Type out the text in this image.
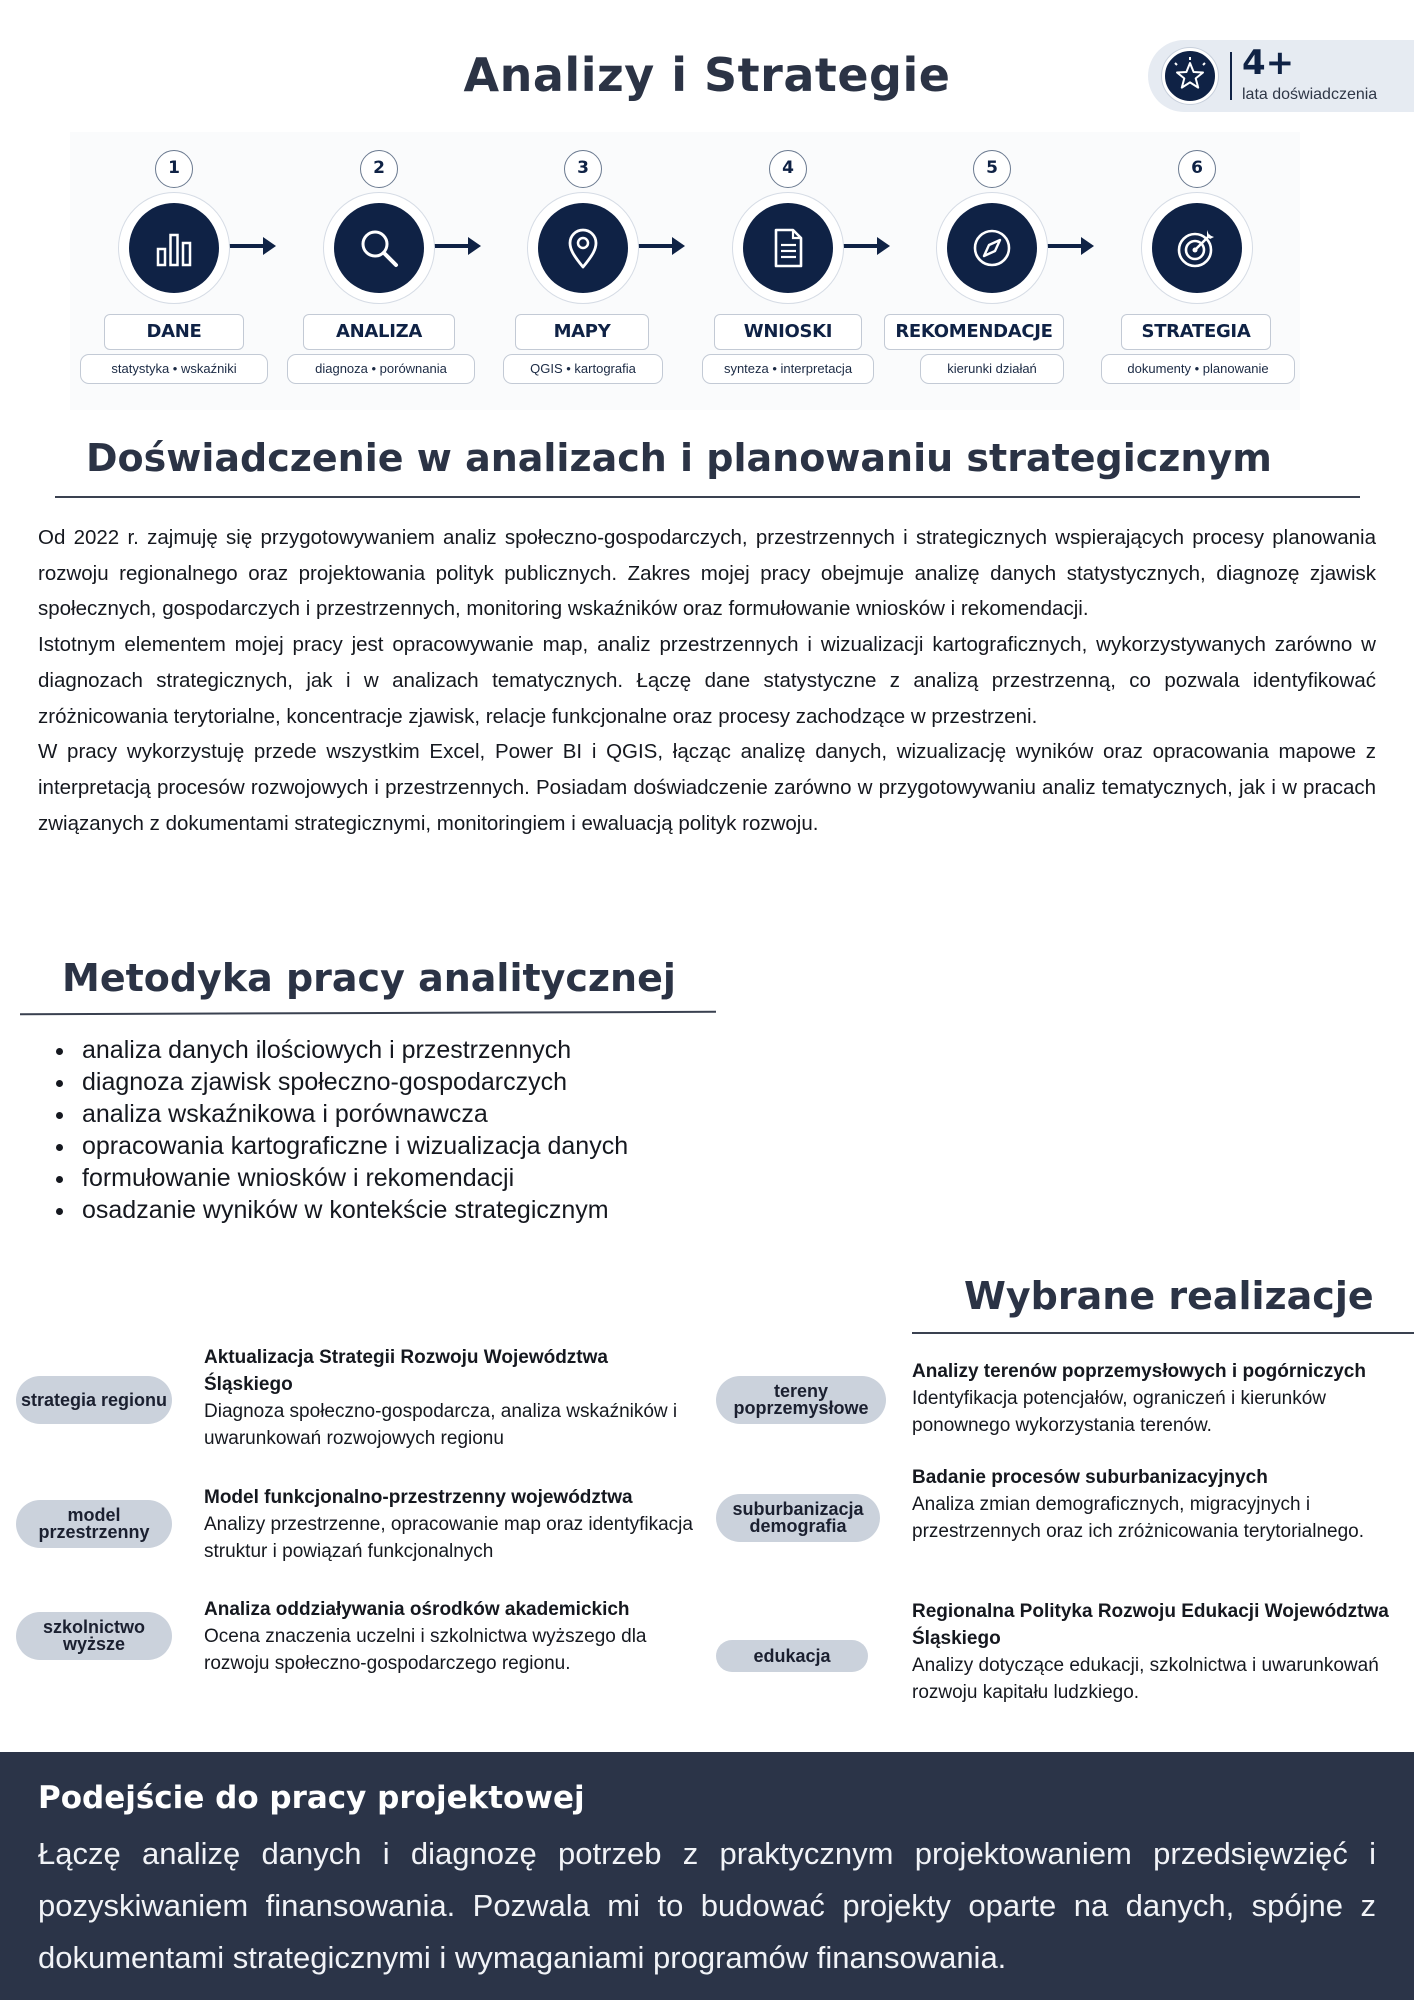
Analizy i Strategie	4+
lata doświadczenia
1
DANE
statystyka • wskaźniki
2
ANALIZA
diagnoza • porównania
3
MAPY
QGIS • kartografia
4
WNIOSKI
synteza • interpretacja
5
REKOMENDACJE
kierunki działań
6
STRATEGIA
dokumenty • planowanie
Doświadczenie w analizach i planowaniu strategicznym

Od 2022 r. zajmuję się przygotowywaniem analiz społeczno-gospodarczych, przestrzennych i strategicznych wspierających procesy planowania rozwoju regionalnego oraz projektowania polityk publicznych. Zakres mojej pracy obejmuje analizę danych statystycznych, diagnozę zjawisk społecznych, gospodarczych i przestrzennych, monitoring wskaźników oraz formułowanie wniosków i rekomendacji.

Istotnym elementem mojej pracy jest opracowywanie map, analiz przestrzennych i wizualizacji kartograficznych, wykorzystywanych zarówno w diagnozach strategicznych, jak i w analizach tematycznych. Łączę dane statystyczne z analizą przestrzenną, co pozwala identyfikować zróżnicowania terytorialne, koncentracje zjawisk, relacje funkcjonalne oraz procesy zachodzące w przestrzeni.

W pracy wykorzystuję przede wszystkim Excel, Power BI i QGIS, łącząc analizę danych, wizualizację wyników oraz opracowania mapowe z interpretacją procesów rozwojowych i przestrzennych. Posiadam doświadczenie zarówno w przygotowywaniu analiz tematycznych, jak i w pracach związanych z dokumentami strategicznymi, monitoringiem i ewaluacją polityk rozwoju.

Metodyka pracy analitycznej
analiza danych ilościowych i przestrzennych
diagnoza zjawisk społeczno-gospodarczych
analiza wskaźnikowa i porównawcza
opracowania kartograficzne i wizualizacja danych
formułowanie wniosków i rekomendacji
osadzanie wyników w kontekście strategicznym
Wybrane realizacje
strategia regionu
Aktualizacja Strategii Rozwoju Województwa Śląskiego
Diagnoza społeczno-gospodarcza, analiza wskaźników i uwarunkowań rozwojowych regionu
model przestrzenny
Model funkcjonalno-przestrzenny województwa
Analizy przestrzenne, opracowanie map oraz identyfikacja struktur i powiązań funkcjonalnych
szkolnictwo wyższe
Analiza oddziaływania ośrodków akademickich
Ocena znaczenia uczelni i szkolnictwa wyższego dla rozwoju społeczno-gospodarczego regionu.
tereny poprzemysłowe
Analizy terenów poprzemysłowych i pogórniczych
Identyfikacja potencjałów, ograniczeń i kierunków ponownego wykorzystania terenów.
suburbanizacja demografia
Badanie procesów suburbanizacyjnych
Analiza zmian demograficznych, migracyjnych i przestrzennych oraz ich zróżnicowania terytorialnego.
edukacja
Regionalna Polityka Rozwoju Edukacji Województwa Śląskiego
Analizy dotyczące edukacji, szkolnictwa i uwarunkowań rozwoju kapitału ludzkiego.
Podejście do pracy projektowej
Łączę analizę danych i diagnozę potrzeb z praktycznym projektowaniem przedsięwzięć i pozyskiwaniem finansowania. Pozwala mi to budować projekty oparte na danych, spójne z dokumentami strategicznymi i wymaganiami programów finansowania.
